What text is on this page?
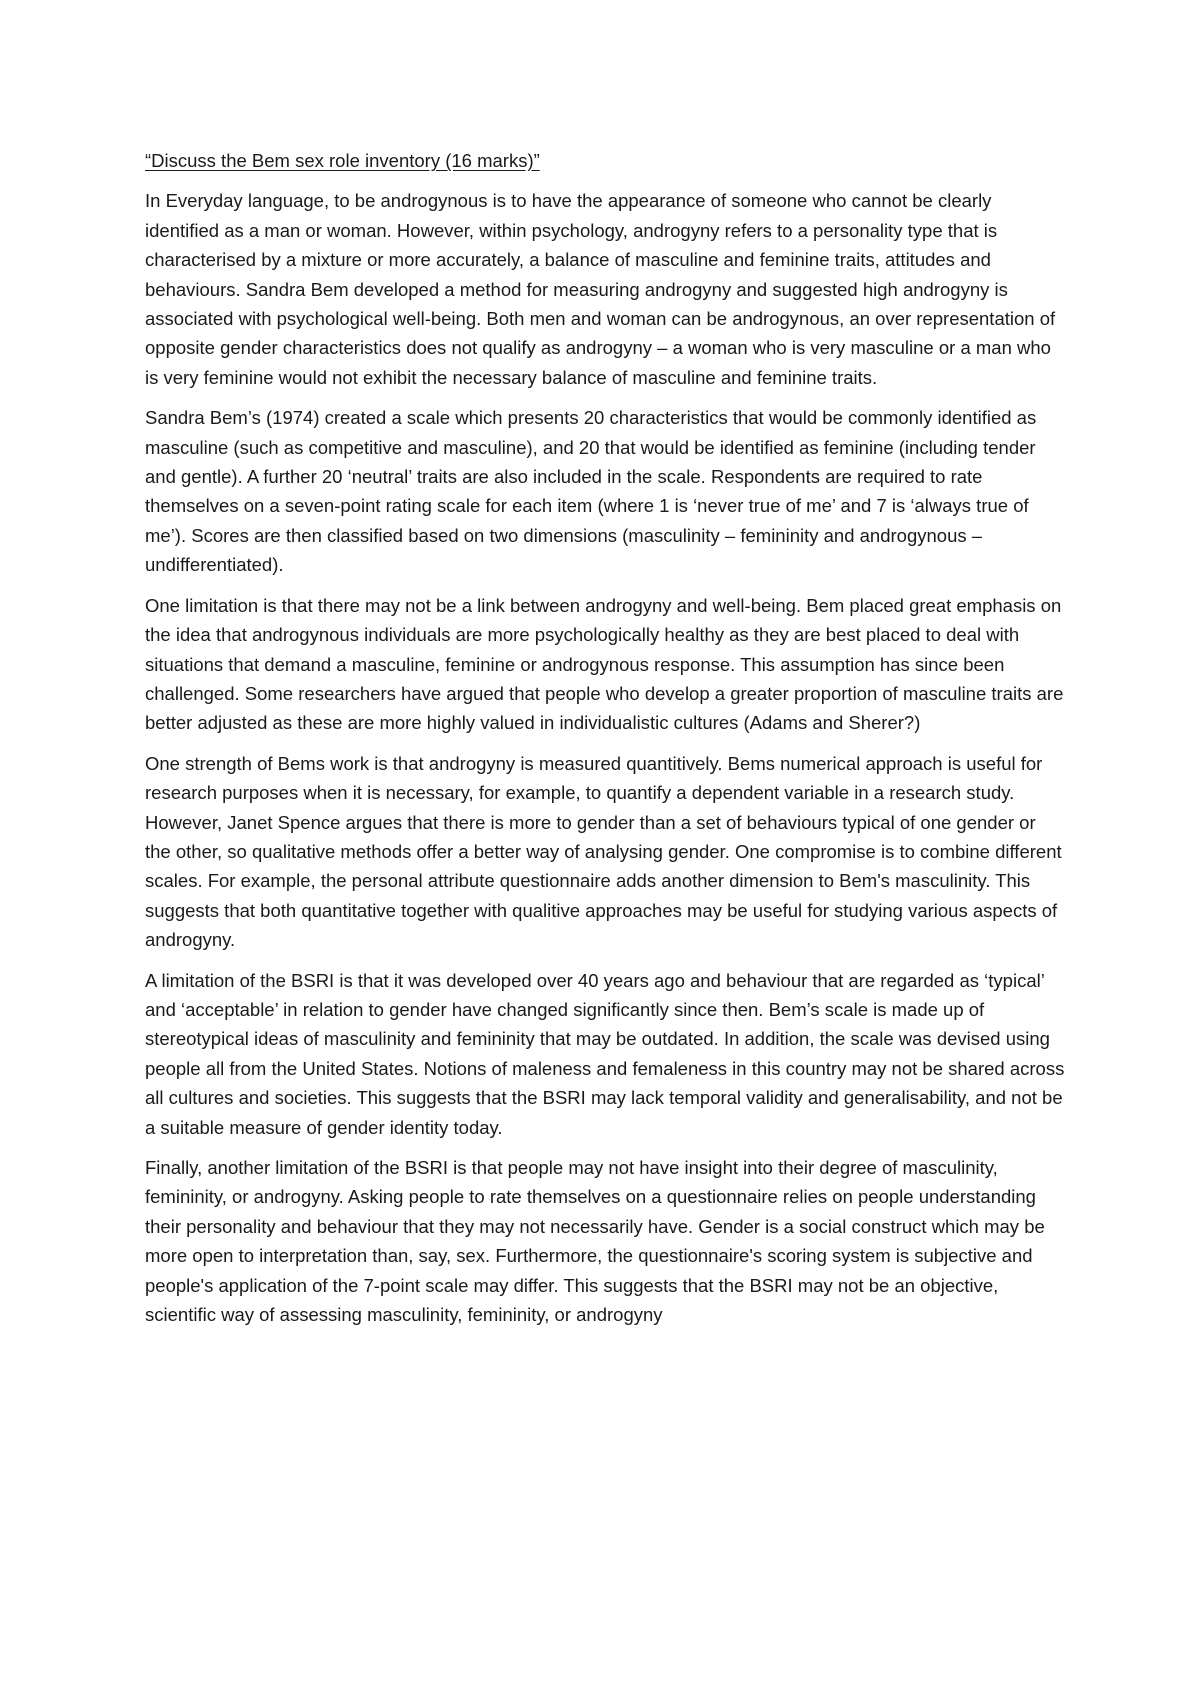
“Discuss the Bem sex role inventory (16 marks)”

In Everyday language, to be androgynous is to have the appearance of someone who cannot be clearly identified as a man or woman. However, within psychology, androgyny refers to a personality type that is characterised by a mixture or more accurately, a balance of masculine and feminine traits, attitudes and behaviours. Sandra Bem developed a method for measuring androgyny and suggested high androgyny is associated with psychological well-being. Both men and woman can be androgynous, an over representation of opposite gender characteristics does not qualify as androgyny – a woman who is very masculine or a man who is very feminine would not exhibit the necessary balance of masculine and feminine traits.

Sandra Bem’s (1974) created a scale which presents 20 characteristics that would be commonly identified as masculine (such as competitive and masculine), and 20 that would be identified as feminine (including tender and gentle). A further 20 ‘neutral’ traits are also included in the scale. Respondents are required to rate themselves on a seven-point rating scale for each item (where 1 is ‘never true of me’ and 7 is ‘always true of me’). Scores are then classified based on two dimensions (masculinity – femininity and androgynous – undifferentiated).

One limitation is that there may not be a link between androgyny and well-being. Bem placed great emphasis on the idea that androgynous individuals are more psychologically healthy as they are best placed to deal with situations that demand a masculine, feminine or androgynous response. This assumption has since been challenged. Some researchers have argued that people who develop a greater proportion of masculine traits are better adjusted as these are more highly valued in individualistic cultures (Adams and Sherer?)

One strength of Bems work is that androgyny is measured quantitively. Bems numerical approach is useful for research purposes when it is necessary, for example, to quantify a dependent variable in a research study. However, Janet Spence argues that there is more to gender than a set of behaviours typical of one gender or the other, so qualitative methods offer a better way of analysing gender. One compromise is to combine different scales. For example, the personal attribute questionnaire adds another dimension to Bem's masculinity. This suggests that both quantitative together with qualitive approaches may be useful for studying various aspects of androgyny.

A limitation of the BSRI is that it was developed over 40 years ago and behaviour that are regarded as ‘typical’ and ‘acceptable’ in relation to gender have changed significantly since then. Bem’s scale is made up of stereotypical ideas of masculinity and femininity that may be outdated. In addition, the scale was devised using people all from the United States. Notions of maleness and femaleness in this country may not be shared across all cultures and societies. This suggests that the BSRI may lack temporal validity and generalisability, and not be a suitable measure of gender identity today.

Finally, another limitation of the BSRI is that people may not have insight into their degree of masculinity, femininity, or androgyny. Asking people to rate themselves on a questionnaire relies on people understanding their personality and behaviour that they may not necessarily have. Gender is a social construct which may be more open to interpretation than, say, sex. Furthermore, the questionnaire's scoring system is subjective and people's application of the 7-point scale may differ. This suggests that the BSRI may not be an objective, scientific way of assessing masculinity, femininity, or androgyny
